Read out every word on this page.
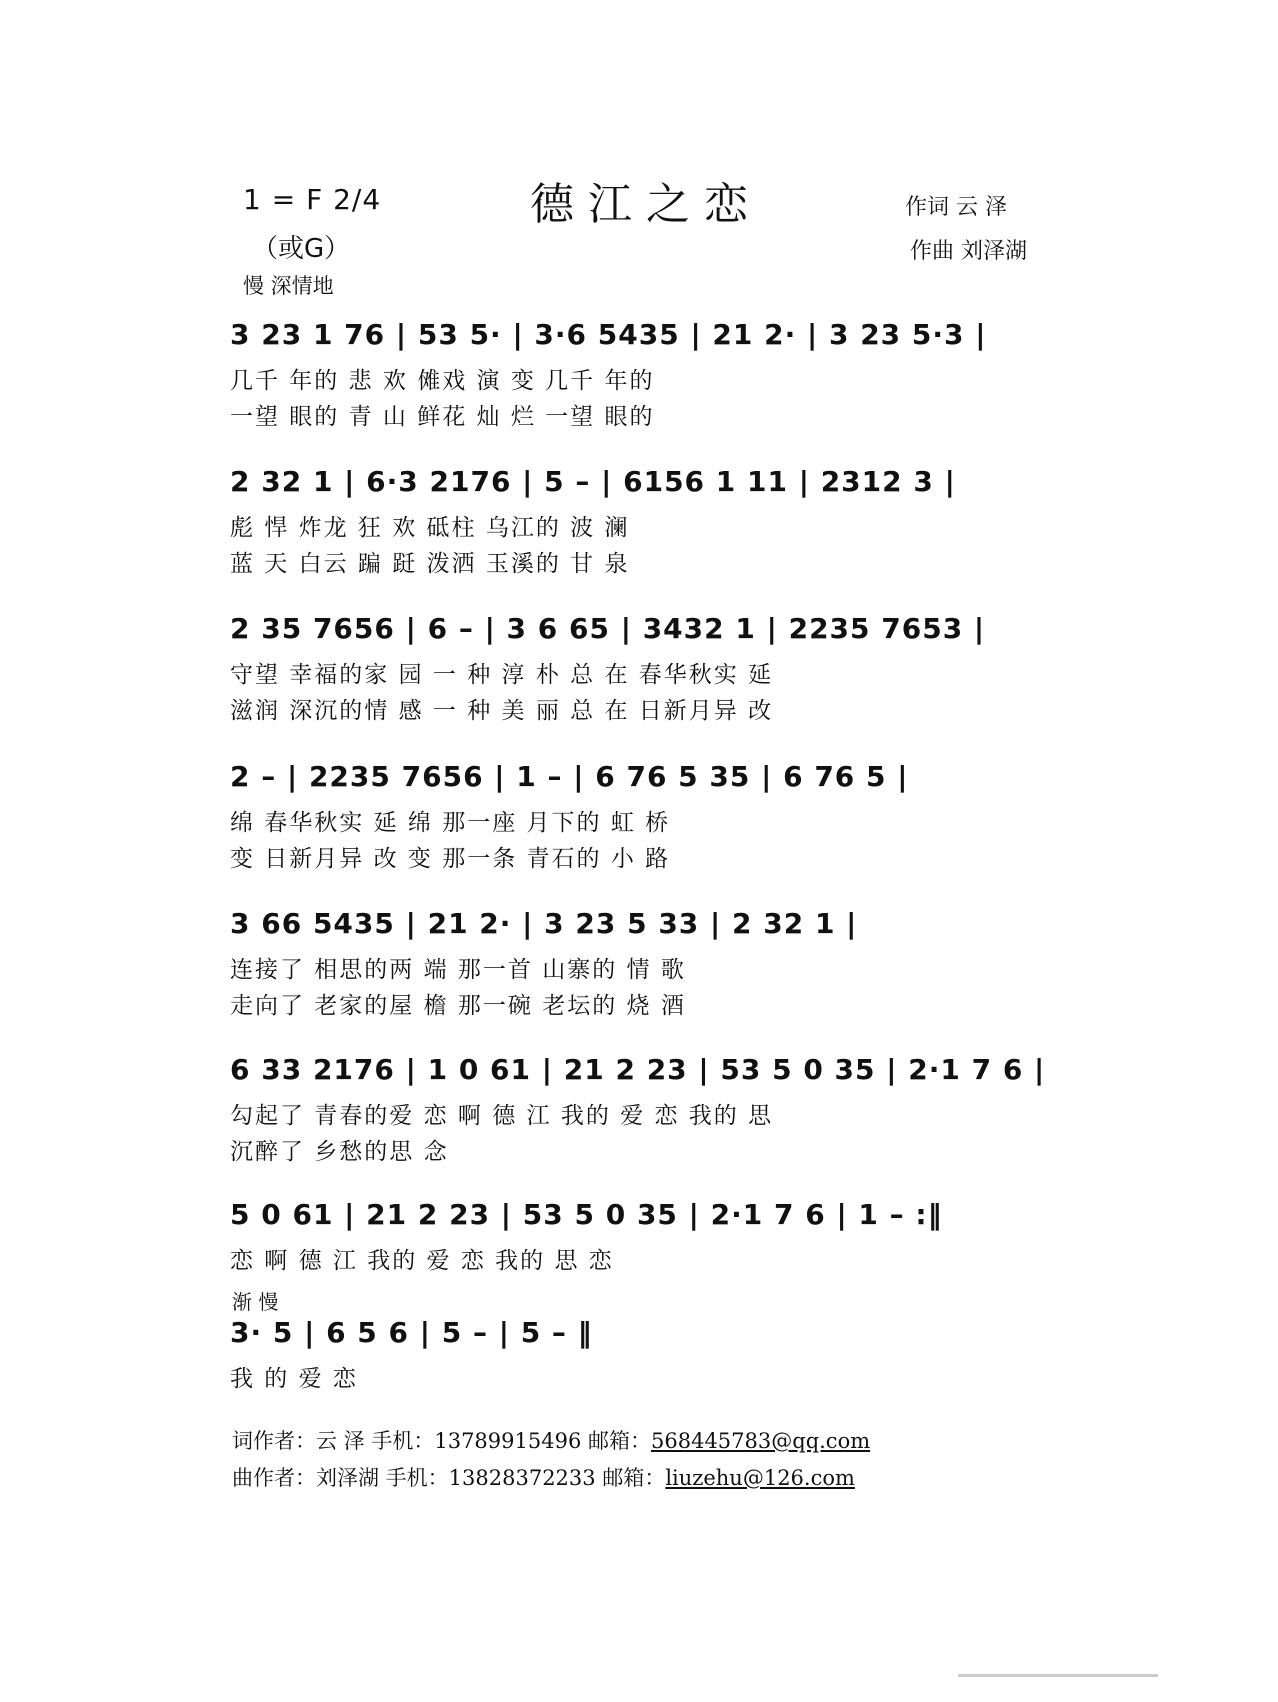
1 = F 2/4
（或G）
慢 深情地
德江之恋	作词 云 泽
作曲 刘泽湖
3 23 1 76 | 53 5· | 3·6 5435 | 21 2· | 3 23 5·3 |
几千 年的 悲 欢 傩戏 演 变 几千 年的
一望 眼的 青 山 鲜花 灿 烂 一望 眼的
2 32 1 | 6·3 2176 | 5 – | 6156 1 11 | 2312 3 |
彪 悍 炸龙 狂 欢 砥柱 乌江的 波 澜
蓝 天 白云 蹁 跹 泼洒 玉溪的 甘 泉
2 35 7656 | 6 – | 3 6 65 | 3432 1 | 2235 7653 |
守望 幸福的家 园 一 种 淳 朴 总 在 春华秋实 延
滋润 深沉的情 感 一 种 美 丽 总 在 日新月异 改
2 – | 2235 7656 | 1 – | 6 76 5 35 | 6 76 5 |
绵 春华秋实 延 绵 那一座 月下的 虹 桥
变 日新月异 改 变 那一条 青石的 小 路
3 66 5435 | 21 2· | 3 23 5 33 | 2 32 1 |
连接了 相思的两 端 那一首 山寨的 情 歌
走向了 老家的屋 檐 那一碗 老坛的 烧 酒
6 33 2176 | 1 0 61 | 21 2 23 | 53 5 0 35 | 2·1 7 6 |
勾起了 青春的爱 恋 啊 德 江 我的 爱 恋 我的 思
沉醉了 乡愁的思 念
5 0 61 | 21 2 23 | 53 5 0 35 | 2·1 7 6 | 1 – :‖
恋 啊 德 江 我的 爱 恋 我的 思 恋
渐 慢
3· 5 | 6 5 6 | 5 – | 5 – ‖
我 的 爱 恋
词作者：云 泽 手机：13789915496 邮箱：568445783@qq.com
曲作者：刘泽湖 手机：13828372233 邮箱：liuzehu@126.com
